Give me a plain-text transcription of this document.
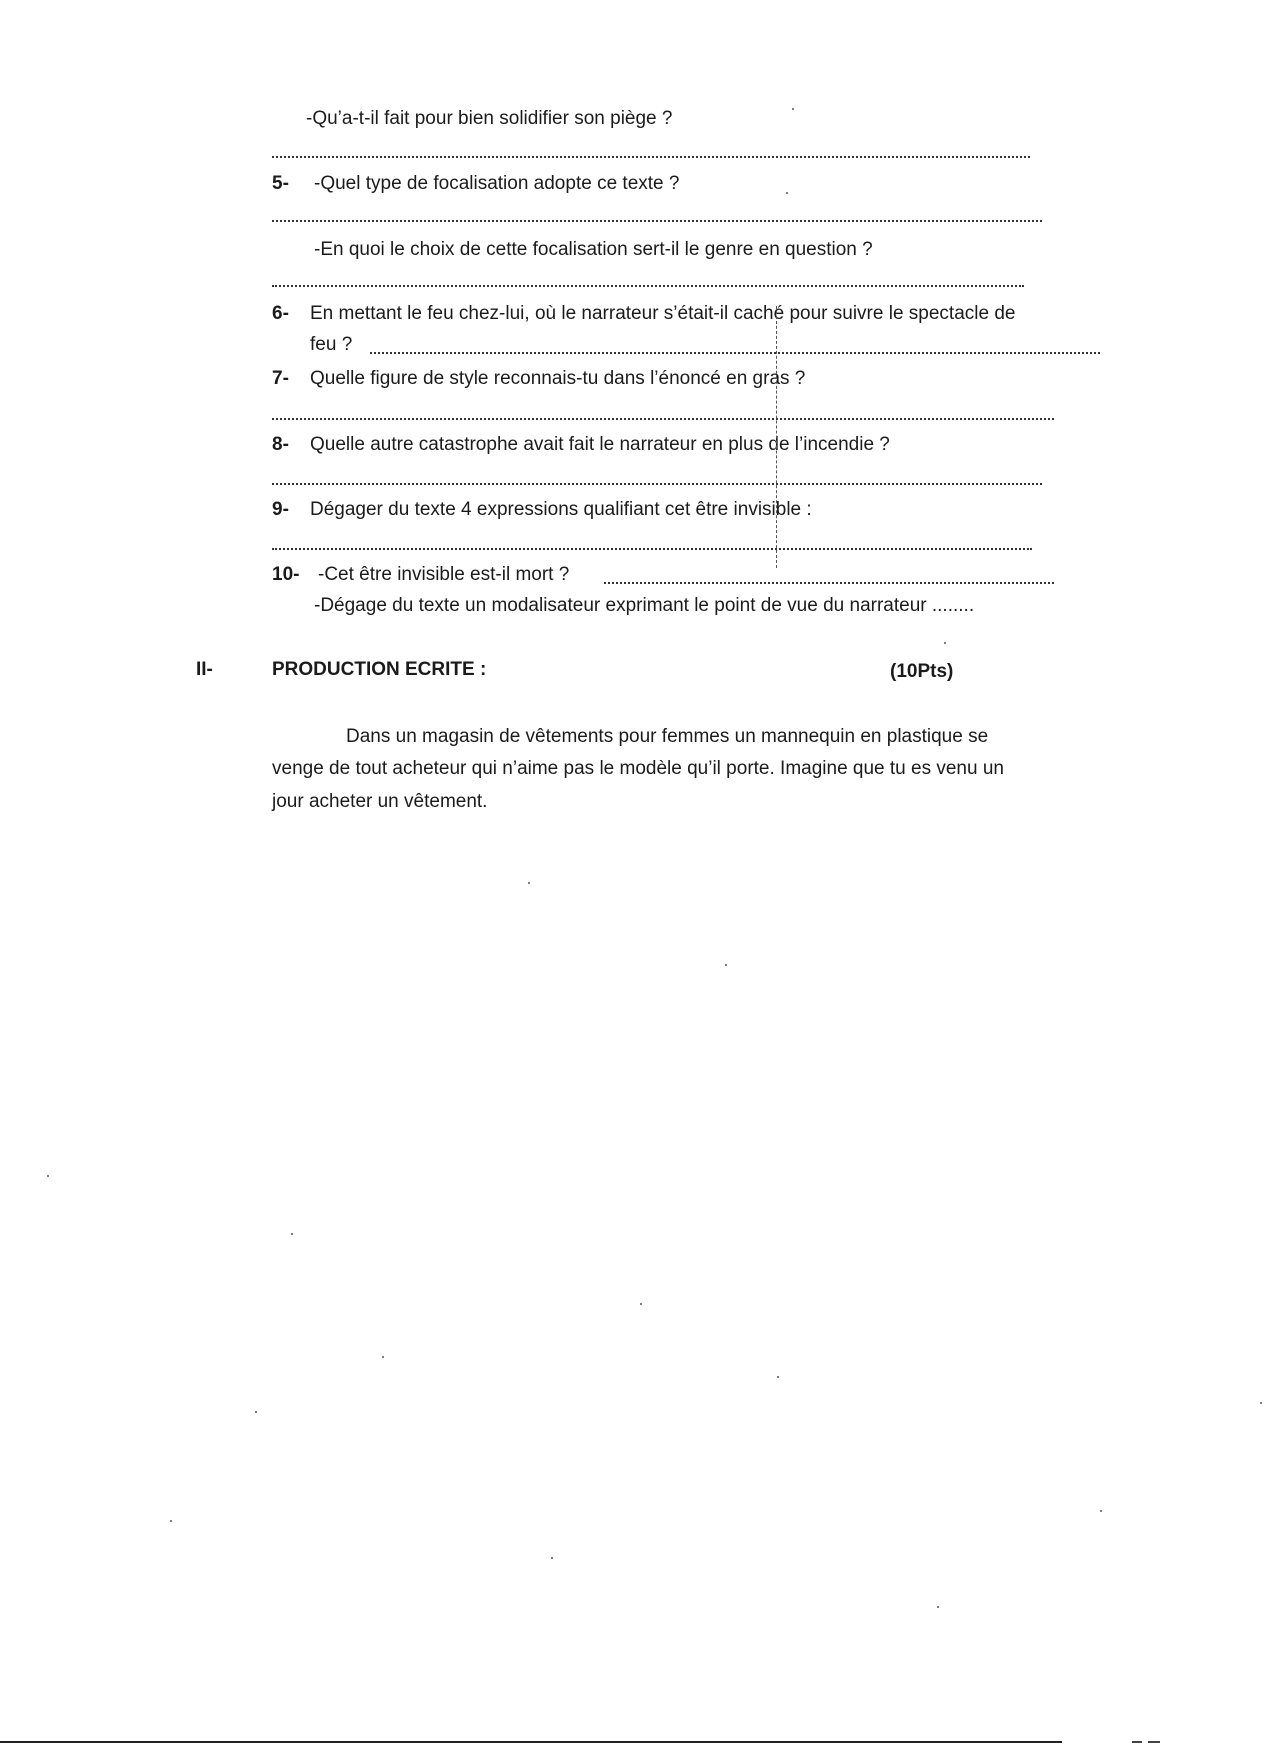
-Qu’a-t-il fait pour bien solidifier son piège ?
5- -Quel type de focalisation adopte ce texte ?
-En quoi le choix de cette focalisation sert-il le genre en question ?
6- En mettant le feu chez-lui, où le narrateur s’était-il caché pour suivre le spectacle de
feu ?
7- Quelle figure de style reconnais-tu dans l’énoncé en gras ?
8- Quelle autre catastrophe avait fait le narrateur en plus de l’incendie ?
9- Dégager du texte 4 expressions qualifiant cet être invisible :
10- -Cet être invisible est-il mort ?
-Dégage du texte un modalisateur exprimant le point de vue du narrateur ........
II-	PRODUCTION ECRITE :	(10Pts)
Dans un magasin de vêtements pour femmes un mannequin en plastique se
venge de tout acheteur qui n’aime pas le modèle qu’il porte. Imagine que tu es venu un
jour acheter un vêtement.
